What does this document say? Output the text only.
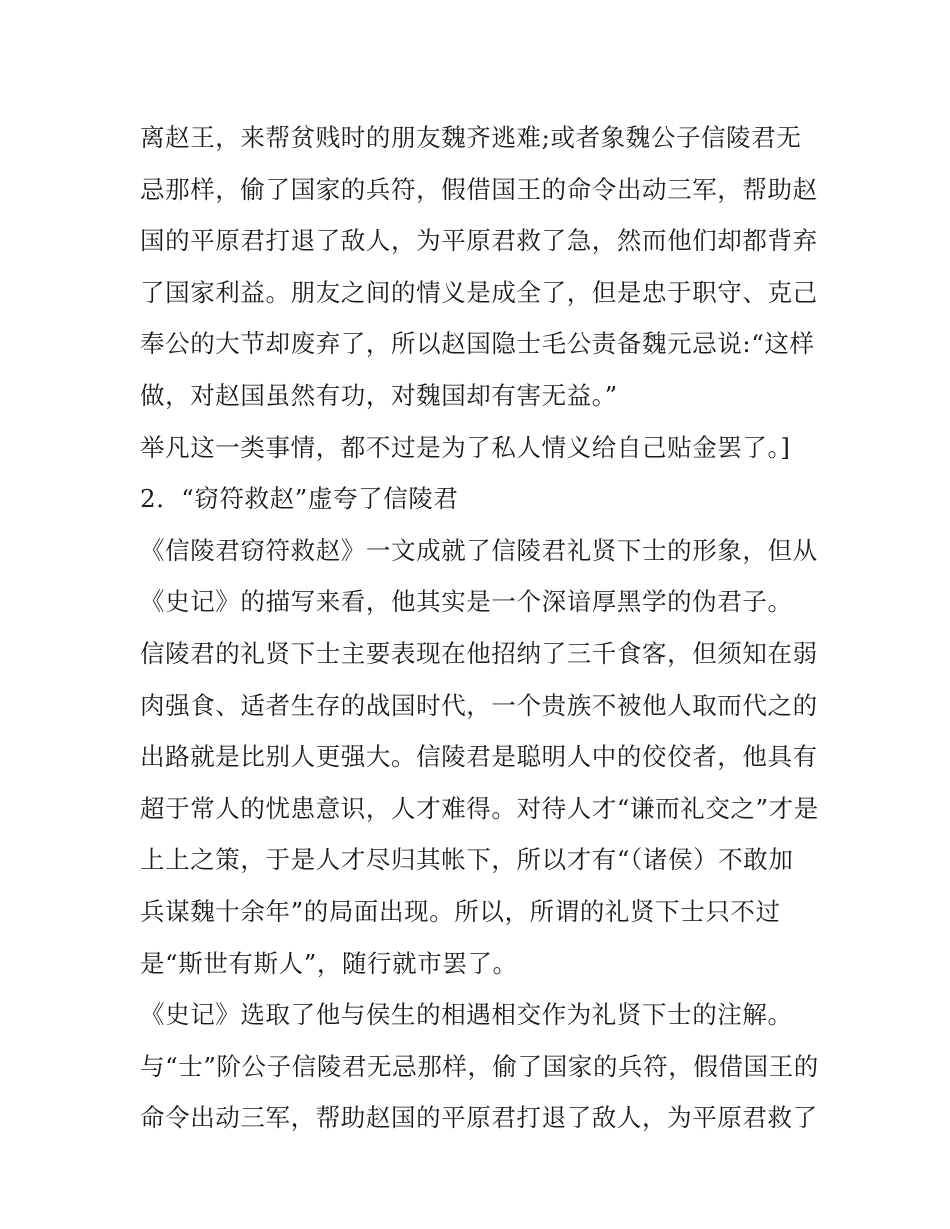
离赵王，来帮贫贱时的朋友魏齐逃难;或者象魏公子信陵君无
忌那样，偷了国家的兵符，假借国王的命令出动三军，帮助赵
国的平原君打退了敌人，为平原君救了急，然而他们却都背弃
了国家利益。朋友之间的情义是成全了，但是忠于职守、克己
奉公的大节却废弃了，所以赵国隐士毛公责备魏元忌说:“这样
做，对赵国虽然有功，对魏国却有害无益。”
举凡这一类事情，都不过是为了私人情义给自己贴金罢了。]
2．“窃符救赵”虚夸了信陵君
《信陵君窃符救赵》一文成就了信陵君礼贤下士的形象，但从
《史记》的描写来看，他其实是一个深谙厚黑学的伪君子。
信陵君的礼贤下士主要表现在他招纳了三千食客，但须知在弱
肉强食、适者生存的战国时代，一个贵族不被他人取而代之的
出路就是比别人更强大。信陵君是聪明人中的佼佼者，他具有
超于常人的忧患意识，人才难得。对待人才“谦而礼交之”才是
上上之策，于是人才尽归其帐下，所以才有“（诸侯）不敢加
兵谋魏十余年”的局面出现。所以，所谓的礼贤下士只不过
是“斯世有斯人”，随行就市罢了。
《史记》选取了他与侯生的相遇相交作为礼贤下士的注解。
与“士”阶公子信陵君无忌那样，偷了国家的兵符，假借国王的
命令出动三军，帮助赵国的平原君打退了敌人，为平原君救了
